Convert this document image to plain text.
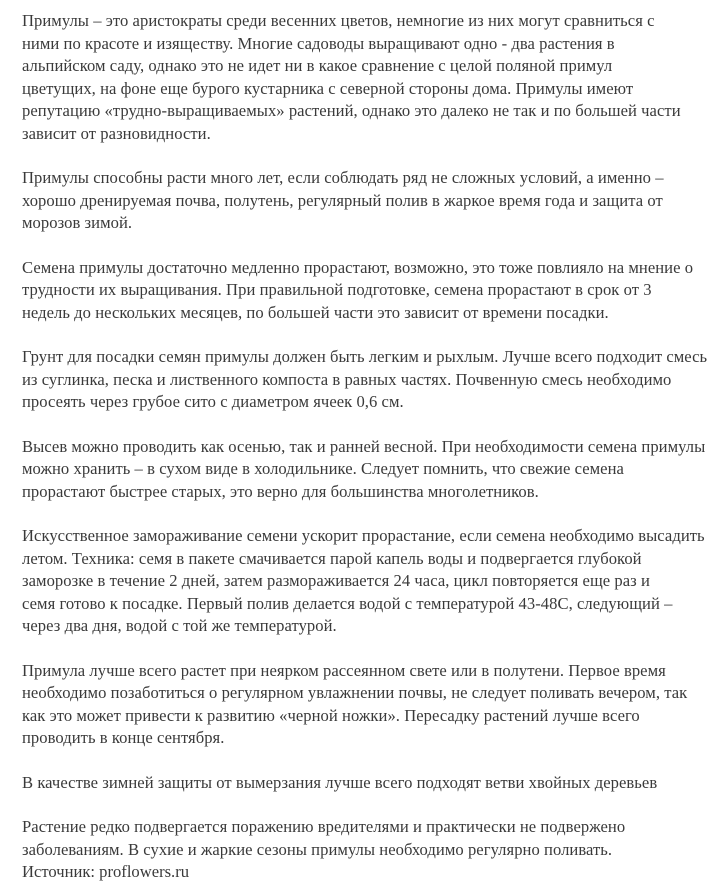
Примулы – это аристократы среди весенних цветов, немногие из них могут сравниться с
ними по красоте и изяществу. Многие садоводы выращивают одно - два растения в
альпийском саду, однако это не идет ни в какое сравнение с целой поляной примул
цветущих, на фоне еще бурого кустарника с северной стороны дома. Примулы имеют
репутацию «трудно-выращиваемых» растений, однако это далеко не так и по большей части
зависит от разновидности.

Примулы способны расти много лет, если соблюдать ряд не сложных условий, а именно –
хорошо дренируемая почва, полутень, регулярный полив в жаркое время года и защита от
морозов зимой.

Семена примулы достаточно медленно прорастают, возможно, это тоже повлияло на мнение о
трудности их выращивания. При правильной подготовке, семена прорастают в срок от 3
недель до нескольких месяцев, по большей части это зависит от времени посадки.

Грунт для посадки семян примулы должен быть легким и рыхлым. Лучше всего подходит смесь
из суглинка, песка и лиственного компоста в равных частях. Почвенную смесь необходимо
просеять через грубое сито с диаметром ячеек 0,6 см.

Высев можно проводить как осенью, так и ранней весной. При необходимости семена примулы
можно хранить – в сухом виде в холодильнике. Следует помнить, что свежие семена
прорастают быстрее старых, это верно для большинства многолетников.

Искусственное замораживание семени ускорит прорастание, если семена необходимо высадить
летом. Техника: семя в пакете смачивается парой капель воды и подвергается глубокой
заморозке в течение 2 дней, затем размораживается 24 часа, цикл повторяется еще раз и
семя готово к посадке. Первый полив делается водой с температурой 43-48С, следующий –
через два дня, водой с той же температурой.

Примула лучше всего растет при неярком рассеянном свете или в полутени. Первое время
необходимо позаботиться о регулярном увлажнении почвы, не следует поливать вечером, так
как это может привести к развитию «черной ножки». Пересадку растений лучше всего
проводить в конце сентября.

В качестве зимней защиты от вымерзания лучше всего подходят ветви хвойных деревьев

Растение редко подвергается поражению вредителями и практически не подвержено
заболеваниям. В сухие и жаркие сезоны примулы необходимо регулярно поливать.

Источник: proflowers.ru
